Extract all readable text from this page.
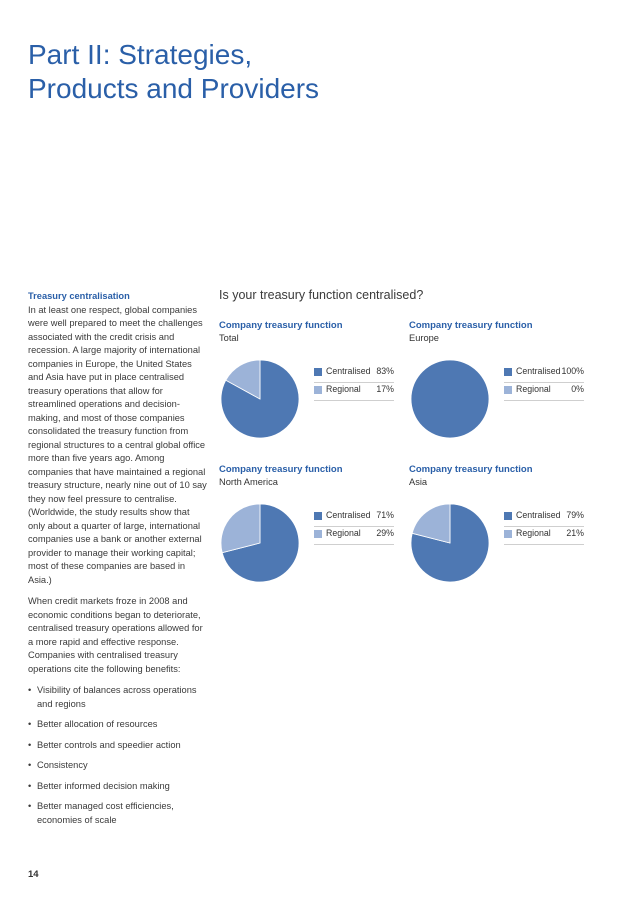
Part II: Strategies,
Products and Providers
Treasury centralisation

In at least one respect, global companies were well prepared to meet the challenges associated with the credit crisis and recession. A large majority of international companies in Europe, the United States and Asia have put in place centralised treasury operations that allow for streamlined operations and decision-making, and most of those companies consolidated the treasury function from regional structures to a central global office more than five years ago. Among companies that have maintained a regional treasury structure, nearly nine out of 10 say they now feel pressure to centralise. (Worldwide, the study results show that only about a quarter of large, international companies use a bank or another external provider to manage their working capital; most of these companies are based in Asia.)

When credit markets froze in 2008 and economic conditions began to deteriorate, centralised treasury operations allowed for a more rapid and effective response. Companies with centralised treasury operations cite the following benefits:

• Visibility of balances across operations and regions
• Better allocation of resources
• Better controls and speedier action
• Consistency
• Better informed decision making
• Better managed cost efficiencies, economies of scale
Is your treasury function centralised?
Company treasury function
Total
Centralised 83%
Regional 17%
Company treasury function
Europe
Centralised 100%
Regional 0%
Company treasury function
North America
Centralised 71%
Regional 29%
Company treasury function
Asia
Centralised 79%
Regional 21%
14
